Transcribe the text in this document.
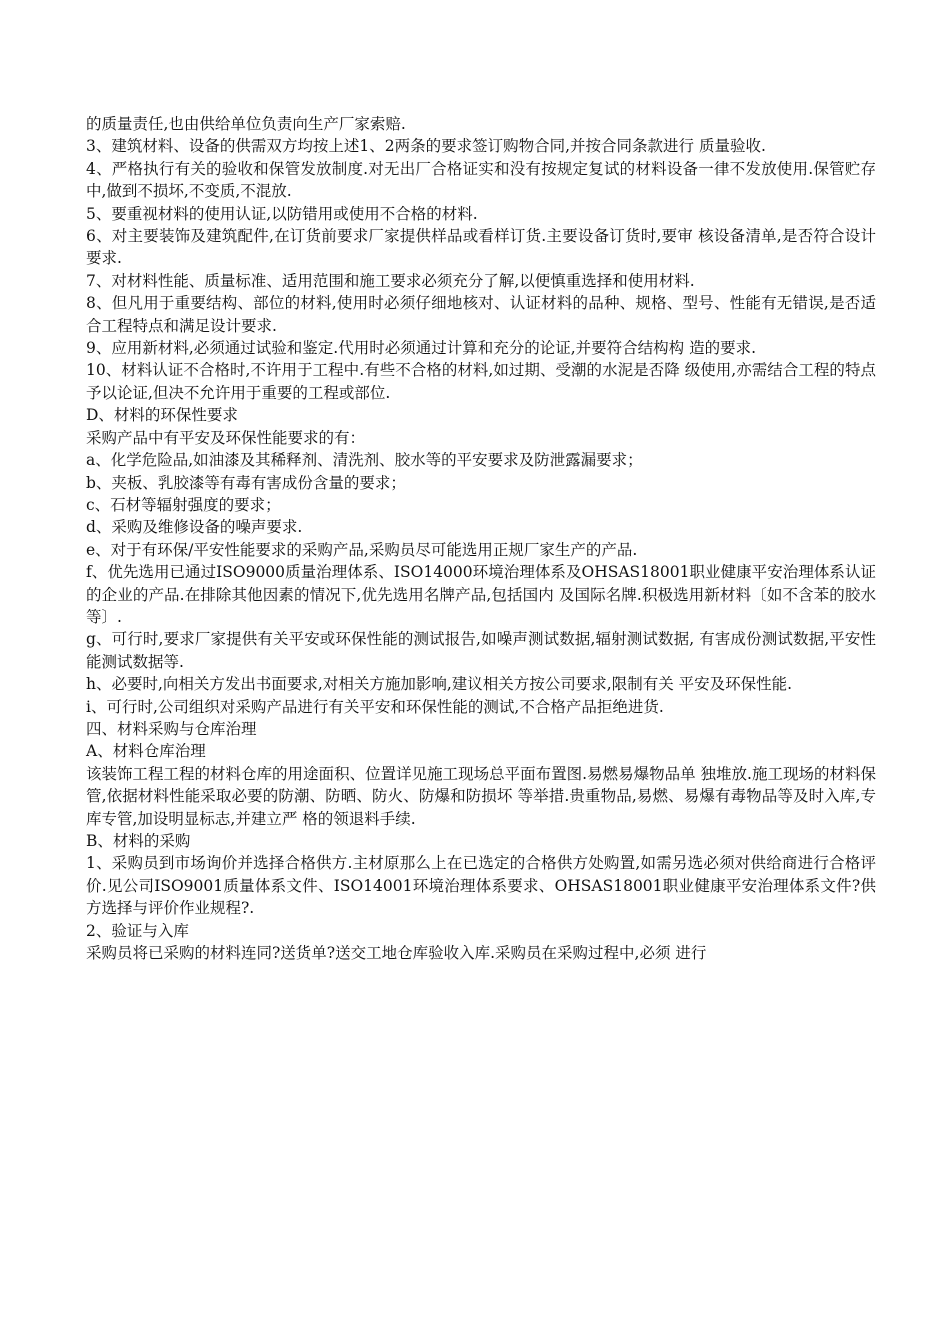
的质量责任,也由供给单位负责向生产厂家索赔.

3、建筑材料、设备的供需双方均按上述1、2两条的要求签订购物合同,并按合同条款进行 质量验收.

4、严格执行有关的验收和保管发放制度.对无出厂合格证实和没有按规定复试的材料设备一律不发放使用.保管贮存中,做到不损坏,不变质,不混放.

5、要重视材料的使用认证,以防错用或使用不合格的材料.

6、对主要装饰及建筑配件,在订货前要求厂家提供样品或看样订货.主要设备订货时,要审 核设备清单,是否符合设计要求.

7、对材料性能、质量标准、适用范围和施工要求必须充分了解,以便慎重选择和使用材料.

8、但凡用于重要结构、部位的材料,使用时必须仔细地核对、认证材料的品种、规格、型号、性能有无错误,是否适合工程特点和满足设计要求.

9、应用新材料,必须通过试验和鉴定.代用时必须通过计算和充分的论证,并要符合结构构 造的要求.

10、材料认证不合格时,不许用于工程中.有些不合格的材料,如过期、受潮的水泥是否降 级使用,亦需结合工程的特点予以论证,但决不允许用于重要的工程或部位.

D、材料的环保性要求

采购产品中有平安及环保性能要求的有：

a、化学危险品,如油漆及其稀释剂、清洗剂、胶水等的平安要求及防泄露漏要求；

b、夹板、乳胶漆等有毒有害成份含量的要求；

c、石材等辐射强度的要求；

d、采购及维修设备的噪声要求.

e、对于有环保/平安性能要求的采购产品,采购员尽可能选用正规厂家生产的产品.

f、优先选用已通过ISO9000质量治理体系、ISO14000环境治理体系及OHSAS18001职业健康平安治理体系认证的企业的产品.在排除其他因素的情况下,优先选用名牌产品,包括国内 及国际名牌.积极选用新材料〔如不含苯的胶水等〕.

g、可行时,要求厂家提供有关平安或环保性能的测试报告,如噪声测试数据,辐射测试数据, 有害成份测试数据,平安性能测试数据等.

h、必要时,向相关方发出书面要求,对相关方施加影响,建议相关方按公司要求,限制有关 平安及环保性能.

i、可行时,公司组织对采购产品进行有关平安和环保性能的测试,不合格产品拒绝进货.

四、材料采购与仓库治理

A、材料仓库治理

该装饰工程工程的材料仓库的用途面积、位置详见施工现场总平面布置图.易燃易爆物品单 独堆放.施工现场的材料保管,依据材料性能采取必要的防潮、防晒、防火、防爆和防损坏 等举措.贵重物品,易燃、易爆有毒物品等及时入库,专库专管,加设明显标志,并建立严 格的领退料手续.

B、材料的采购

1、采购员到市场询价并选择合格供方.主材原那么上在已选定的合格供方处购置,如需另选必须对供给商进行合格评价.见公司ISO9001质量体系文件、ISO14001环境治理体系要求、OHSAS18001职业健康平安治理体系文件?供方选择与评价作业规程?.

2、验证与入库

采购员将已采购的材料连同?送货单?送交工地仓库验收入库.采购员在采购过程中,必须 进行
